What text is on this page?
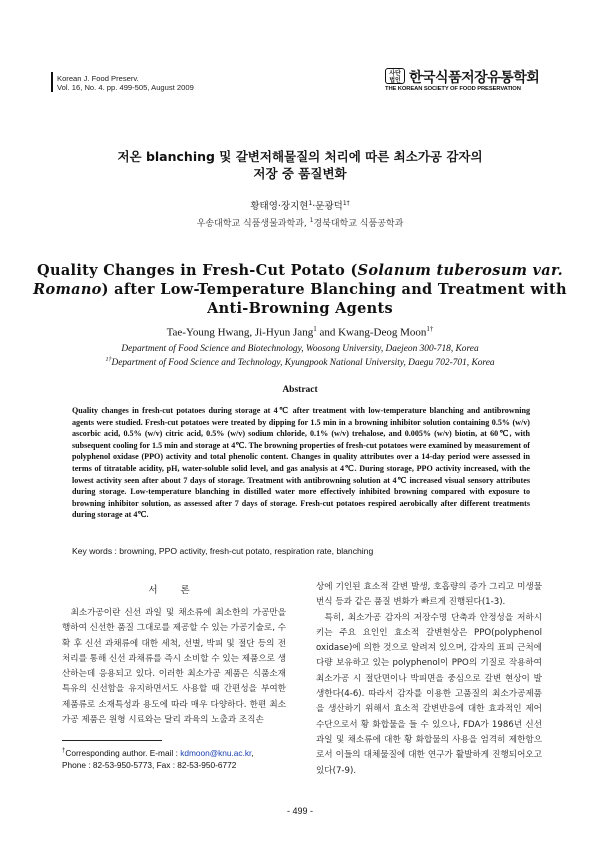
Korean J. Food Preserv.
Vol. 16, No. 4. pp. 499-505, August 2009
사단
법인 한국식품저장유통학회
THE KOREAN SOCIETY OF FOOD PRESERVATION
저온 blanching 및 갈변저해물질의 처리에 따른 최소가공 감자의
저장 중 품질변화
황태영·장지현$^1$·문광덕$^{1\dagger}$
우송대학교 식품생물과학과, $^1$경북대학교 식품공학과
Quality Changes in Fresh-Cut Potato (Solanum tuberosum var.
Romano) after Low-Temperature Blanching and Treatment with
Anti-Browning Agents
Tae-Young Hwang, Ji-Hyun Jang$^1$ and Kwang-Deog Moon$^{1\dagger}$
Department of Food Science and Biotechnology, Woosong University, Daejeon 300-718, Korea
$^{1\dagger}$Department of Food Science and Technology, Kyungpook National University, Daegu 702-701, Korea
Abstract
Quality changes in fresh-cut potatoes during storage at 4℃ after treatment with low-temperature blanching and antibrowning agents were studied. Fresh-cut potatoes were treated by dipping for 1.5 min in a browning inhibitor solution containing 0.5% (w/v) ascorbic acid, 0.5% (w/v) citric acid, 0.5% (w/v) sodium chloride, 0.1% (w/v) trehalose, and 0.005% (w/v) biotin, at 60℃, with subsequent cooling for 1.5 min and storage at 4℃. The browning properties of fresh-cut potatoes were examined by measurement of polyphenol oxidase (PPO) activity and total phenolic content. Changes in quality attributes over a 14-day period were assessed in terms of titratable acidity, pH, water-soluble solid level, and gas analysis at 4℃. During storage, PPO activity increased, with the lowest activity seen after about 7 days of storage. Treatment with antibrowning solution at 4℃ increased visual sensory attributes during storage. Low-temperature blanching in distilled water more effectively inhibited browning compared with exposure to browning inhibitor solution, as assessed after 7 days of storage. Fresh-cut potatoes respired aerobically after different treatments during storage at 4℃.
Key words : browning, PPO activity, fresh-cut potato, respiration rate, blanching
서 론

최소가공이란 신선 과일 및 채소류에 최소한의 가공만을 행하여 신선한 품질 그대로를 제공할 수 있는 가공기술로, 수확 후 신선 과채류에 대한 세척, 선별, 박피 및 절단 등의 전처리를 통해 신선 과채류를 즉시 소비할 수 있는 제품으로 생산하는데 응용되고 있다. 이러한 최소가공 제품은 식품소재 특유의 신선함을 유지하면서도 사용할 때 간편성을 부여한 제품류로 소재특성과 용도에 따라 매우 다양하다. 한편 최소가공 제품은 원형 시료와는 달리 과육의 노출과 조직손

상에 기인된 효소적 갈변 발생, 호흡량의 증가 그리고 미생물 번식 등과 같은 품질 변화가 빠르게 진행된다(1-3).

특히, 최소가공 감자의 저장수명 단축과 안정성을 저하시키는 주요 요인인 효소적 갈변현상은 PPO(polyphenol oxidase)에 의한 것으로 알려져 있으며, 감자의 표피 근처에 다량 보유하고 있는 polyphenol이 PPO의 기질로 작용하여 최소가공 시 절단면이나 박피면을 중심으로 갈변 현상이 발생한다(4-6). 따라서 감자를 이용한 고품질의 최소가공제품을 생산하기 위해서 효소적 갈변반응에 대한 효과적인 제어 수단으로서 황 화합물을 들 수 있으나, FDA가 1986년 신선과일 및 채소류에 대한 황 화합물의 사용을 엄격히 제한함으로서 이들의 대체물질에 대한 연구가 활발하게 진행되어오고 있다(7-9).

†Corresponding author. E-mail : kdmoon@knu.ac.kr,
Phone : 82-53-950-5773, Fax : 82-53-950-6772
- 499 -
